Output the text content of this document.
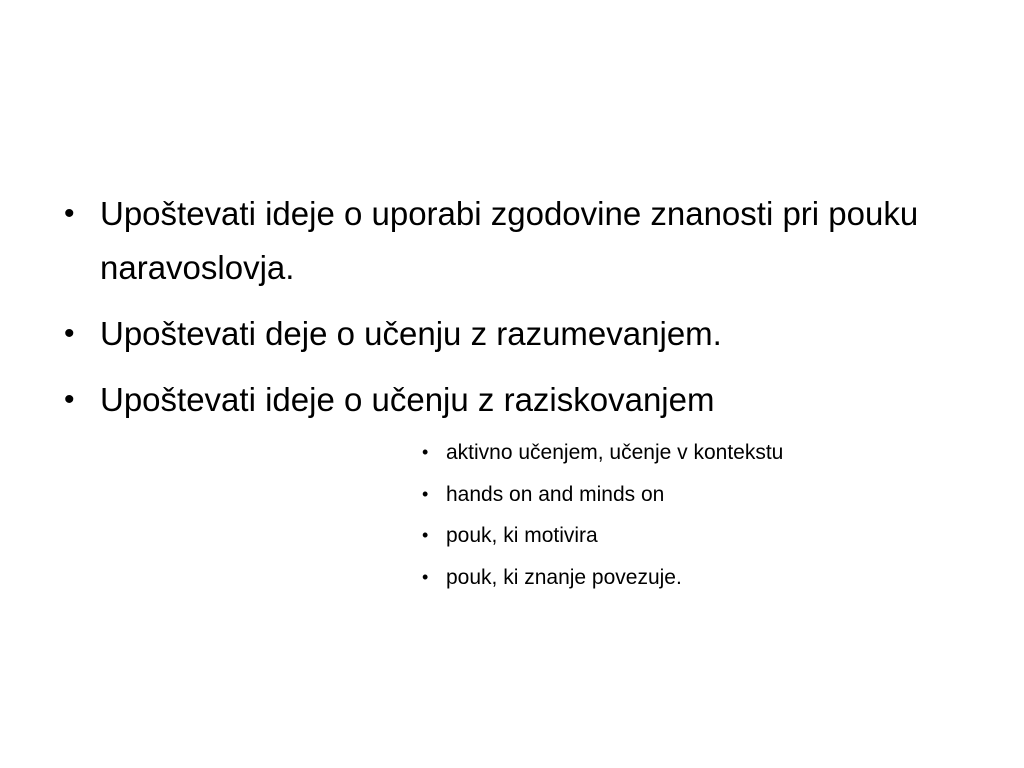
• Upoštevati ideje o uporabi zgodovine znanosti pri pouku naravoslovja.
• Upoštevati deje o učenju z razumevanjem.
• Upoštevati ideje o učenju z raziskovanjem
• aktivno učenjem, učenje v kontekstu
• hands on and minds on
• pouk, ki motivira
• pouk, ki znanje povezuje.
